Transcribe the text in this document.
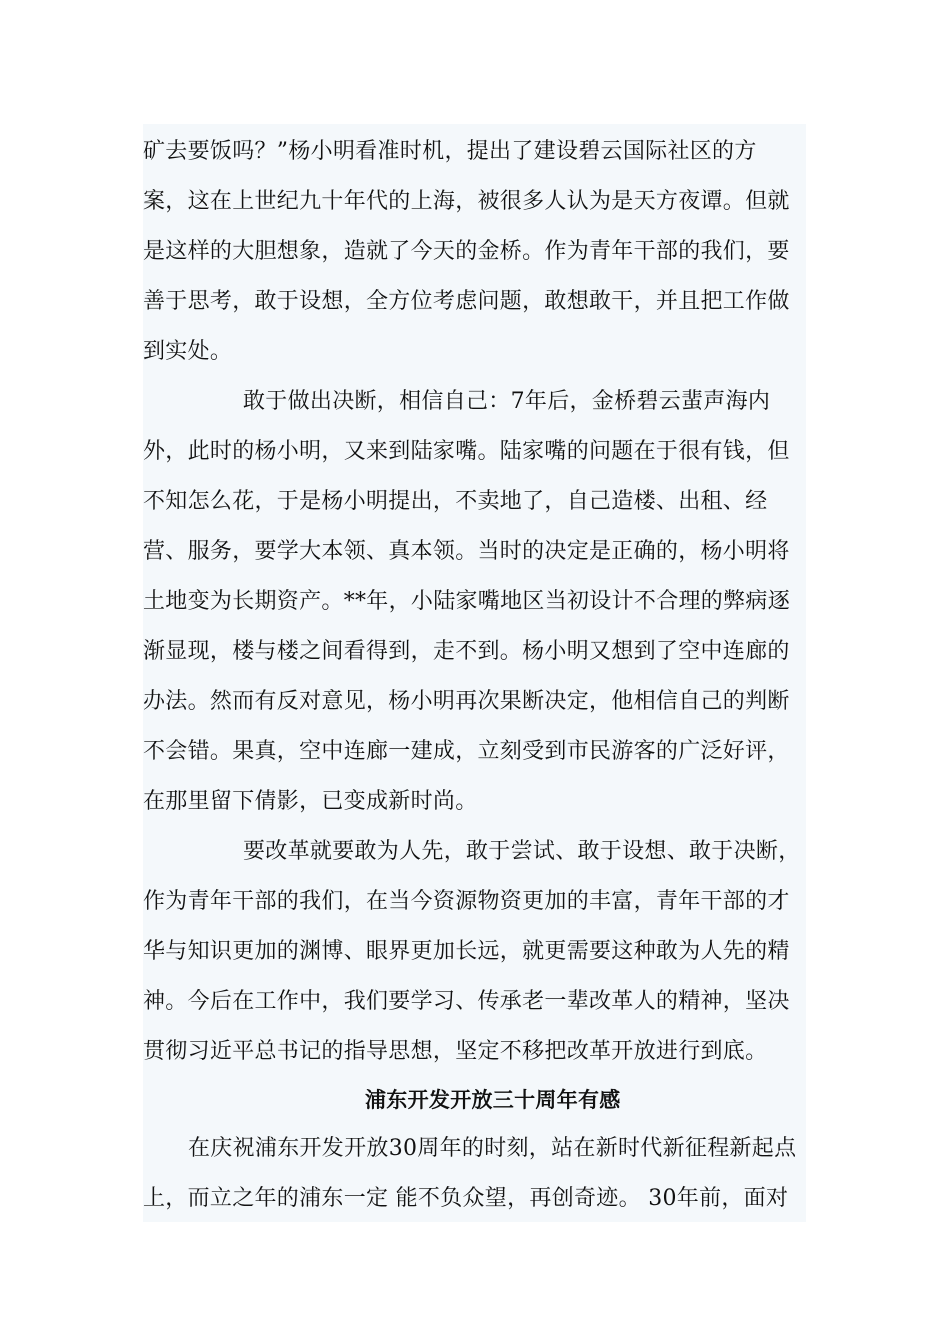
矿去要饭吗？”杨小明看准时机，提出了建设碧云国际社区的方
案，这在上世纪九十年代的上海，被很多人认为是天方夜谭。但就
是这样的大胆想象，造就了今天的金桥。作为青年干部的我们，要
善于思考，敢于设想，全方位考虑问题，敢想敢干，并且把工作做
到实处。
敢于做出决断，相信自己：7年后，金桥碧云蜚声海内
外，此时的杨小明，又来到陆家嘴。陆家嘴的问题在于很有钱，但
不知怎么花，于是杨小明提出，不卖地了，自己造楼、出租、经
营、服务，要学大本领、真本领。当时的决定是正确的，杨小明将
土地变为长期资产。**年，小陆家嘴地区当初设计不合理的弊病逐
渐显现，楼与楼之间看得到，走不到。杨小明又想到了空中连廊的
办法。然而有反对意见，杨小明再次果断决定，他相信自己的判断
不会错。果真，空中连廊一建成，立刻受到市民游客的广泛好评，
在那里留下倩影，已变成新时尚。
要改革就要敢为人先，敢于尝试、敢于设想、敢于决断，
作为青年干部的我们，在当今资源物资更加的丰富，青年干部的才
华与知识更加的渊博、眼界更加长远，就更需要这种敢为人先的精
神。今后在工作中，我们要学习、传承老一辈改革人的精神，坚决
贯彻习近平总书记的指导思想，坚定不移把改革开放进行到底。
浦东开发开放三十周年有感
在庆祝浦东开发开放30周年的时刻，站在新时代新征程新起点
上，而立之年的浦东一定 能不负众望，再创奇迹。 30年前，面对
